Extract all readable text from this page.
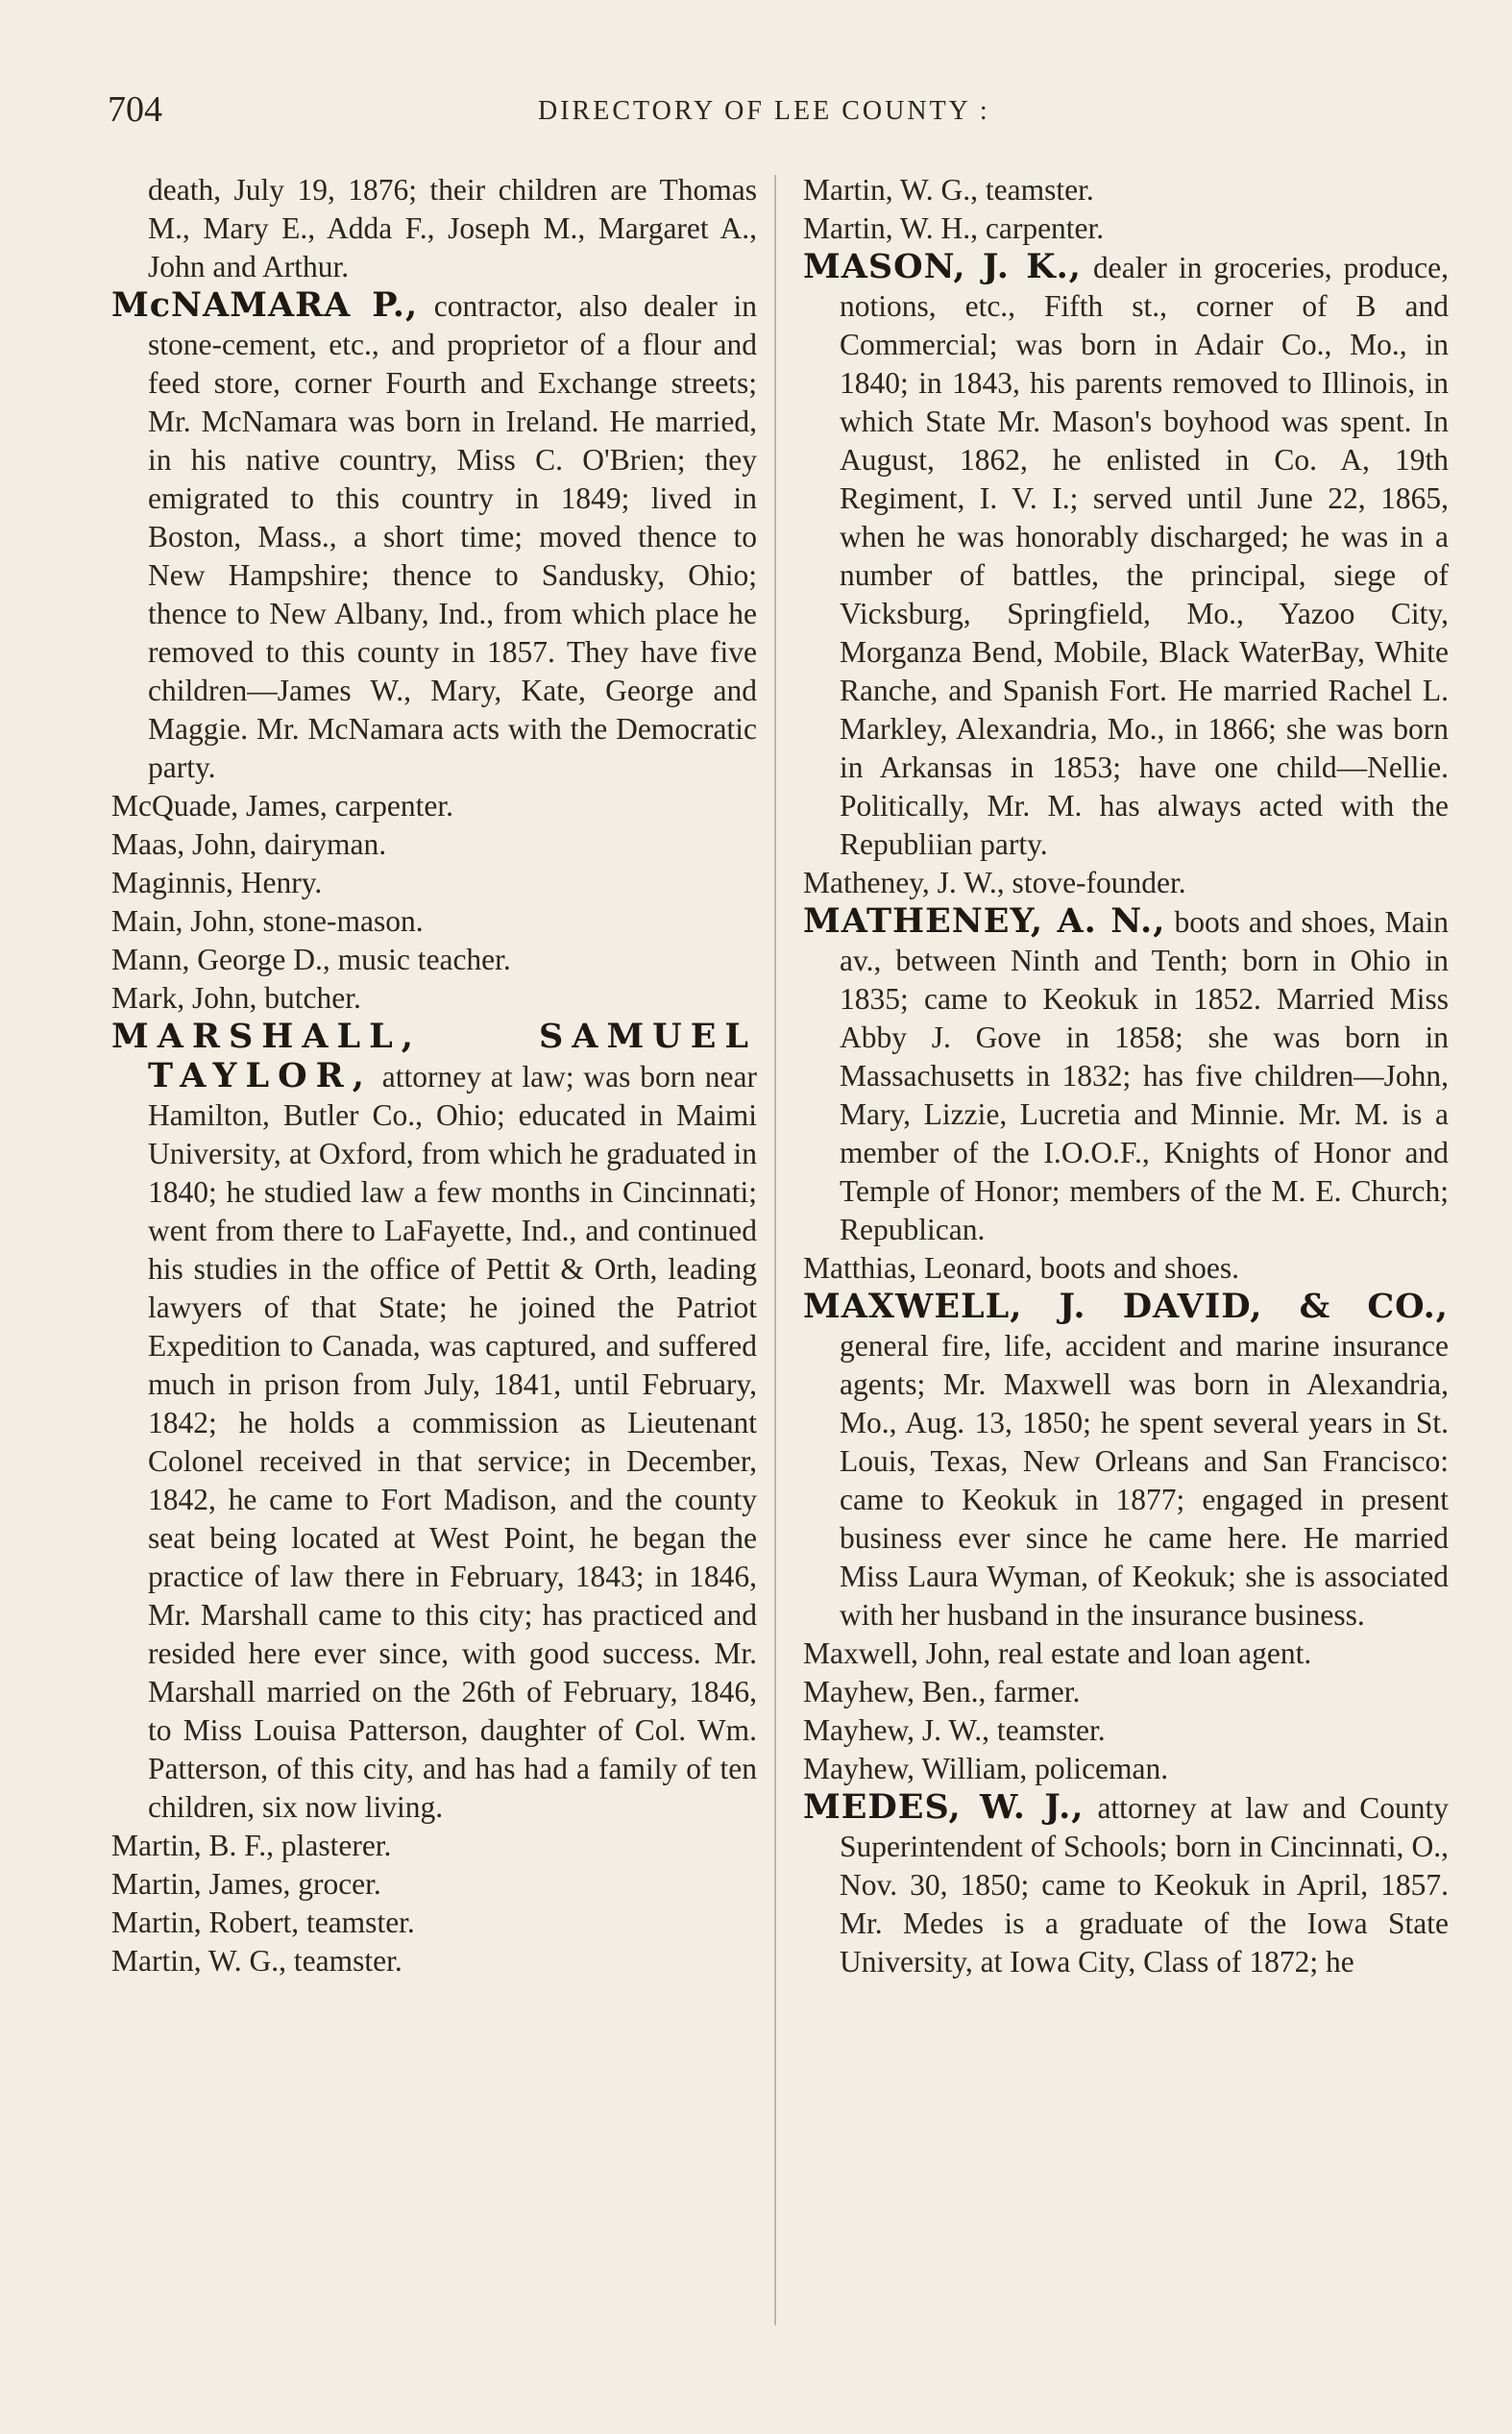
704	DIRECTORY OF LEE COUNTY :

death, July 19, 1876; their children are Thomas M., Mary E., Adda F., Joseph M., Margaret A., John and Arthur.

McNAMARA P., contractor, also dealer in stone-cement, etc., and proprietor of a flour and feed store, corner Fourth and Exchange streets; Mr. McNamara was born in Ireland. He married, in his native country, Miss C. O'Brien; they emigrated to this country in 1849; lived in Boston, Mass., a short time; moved thence to New Hampshire; thence to Sandusky, Ohio; thence to New Albany, Ind., from which place he removed to this county in 1857. They have five children—James W., Mary, Kate, George and Maggie. Mr. McNamara acts with the Democratic party.

McQuade, James, carpenter.

Maas, John, dairyman.

Maginnis, Henry.

Main, John, stone-mason.

Mann, George D., music teacher.

Mark, John, butcher.

MARSHALL, SAMUEL TAYLOR, attorney at law; was born near Hamilton, Butler Co., Ohio; educated in Maimi University, at Oxford, from which he graduated in 1840; he studied law a few months in Cincinnati; went from there to LaFayette, Ind., and continued his studies in the office of Pettit & Orth, leading lawyers of that State; he joined the Patriot Expedition to Canada, was captured, and suffered much in prison from July, 1841, until February, 1842; he holds a commission as Lieutenant Colonel received in that service; in December, 1842, he came to Fort Madison, and the county seat being located at West Point, he began the practice of law there in February, 1843; in 1846, Mr. Marshall came to this city; has practiced and resided here ever since, with good success. Mr. Marshall married on the 26th of February, 1846, to Miss Louisa Patterson, daughter of Col. Wm. Patterson, of this city, and has had a family of ten children, six now living.

Martin, B. F., plasterer.

Martin, James, grocer.

Martin, Robert, teamster.

Martin, W. G., teamster.

Martin, W. G., teamster.

Martin, W. H., carpenter.

MASON, J. K., dealer in groceries, produce, notions, etc., Fifth st., corner of B and Commercial; was born in Adair Co., Mo., in 1840; in 1843, his parents removed to Illinois, in which State Mr. Mason's boyhood was spent. In August, 1862, he enlisted in Co. A, 19th Regiment, I. V. I.; served until June 22, 1865, when he was honorably discharged; he was in a number of battles, the principal, siege of Vicksburg, Springfield, Mo., Yazoo City, Morganza Bend, Mobile, Black WaterBay, White Ranche, and Spanish Fort. He married Rachel L. Markley, Alexandria, Mo., in 1866; she was born in Arkansas in 1853; have one child—Nellie. Politically, Mr. M. has always acted with the Republiian party.

Matheney, J. W., stove-founder.

MATHENEY, A. N., boots and shoes, Main av., between Ninth and Tenth; born in Ohio in 1835; came to Keokuk in 1852. Married Miss Abby J. Gove in 1858; she was born in Massachusetts in 1832; has five children—John, Mary, Lizzie, Lucretia and Minnie. Mr. M. is a member of the I.O.O.F., Knights of Honor and Temple of Honor; members of the M. E. Church; Republican.

Matthias, Leonard, boots and shoes.

MAXWELL, J. DAVID, & CO., general fire, life, accident and marine insurance agents; Mr. Maxwell was born in Alexandria, Mo., Aug. 13, 1850; he spent several years in St. Louis, Texas, New Orleans and San Francisco: came to Keokuk in 1877; engaged in present business ever since he came here. He married Miss Laura Wyman, of Keokuk; she is associated with her husband in the insurance business.

Maxwell, John, real estate and loan agent.

Mayhew, Ben., farmer.

Mayhew, J. W., teamster.

Mayhew, William, policeman.

MEDES, W. J., attorney at law and County Superintendent of Schools; born in Cincinnati, O., Nov. 30, 1850; came to Keokuk in April, 1857. Mr. Medes is a graduate of the Iowa State University, at Iowa City, Class of 1872; he
